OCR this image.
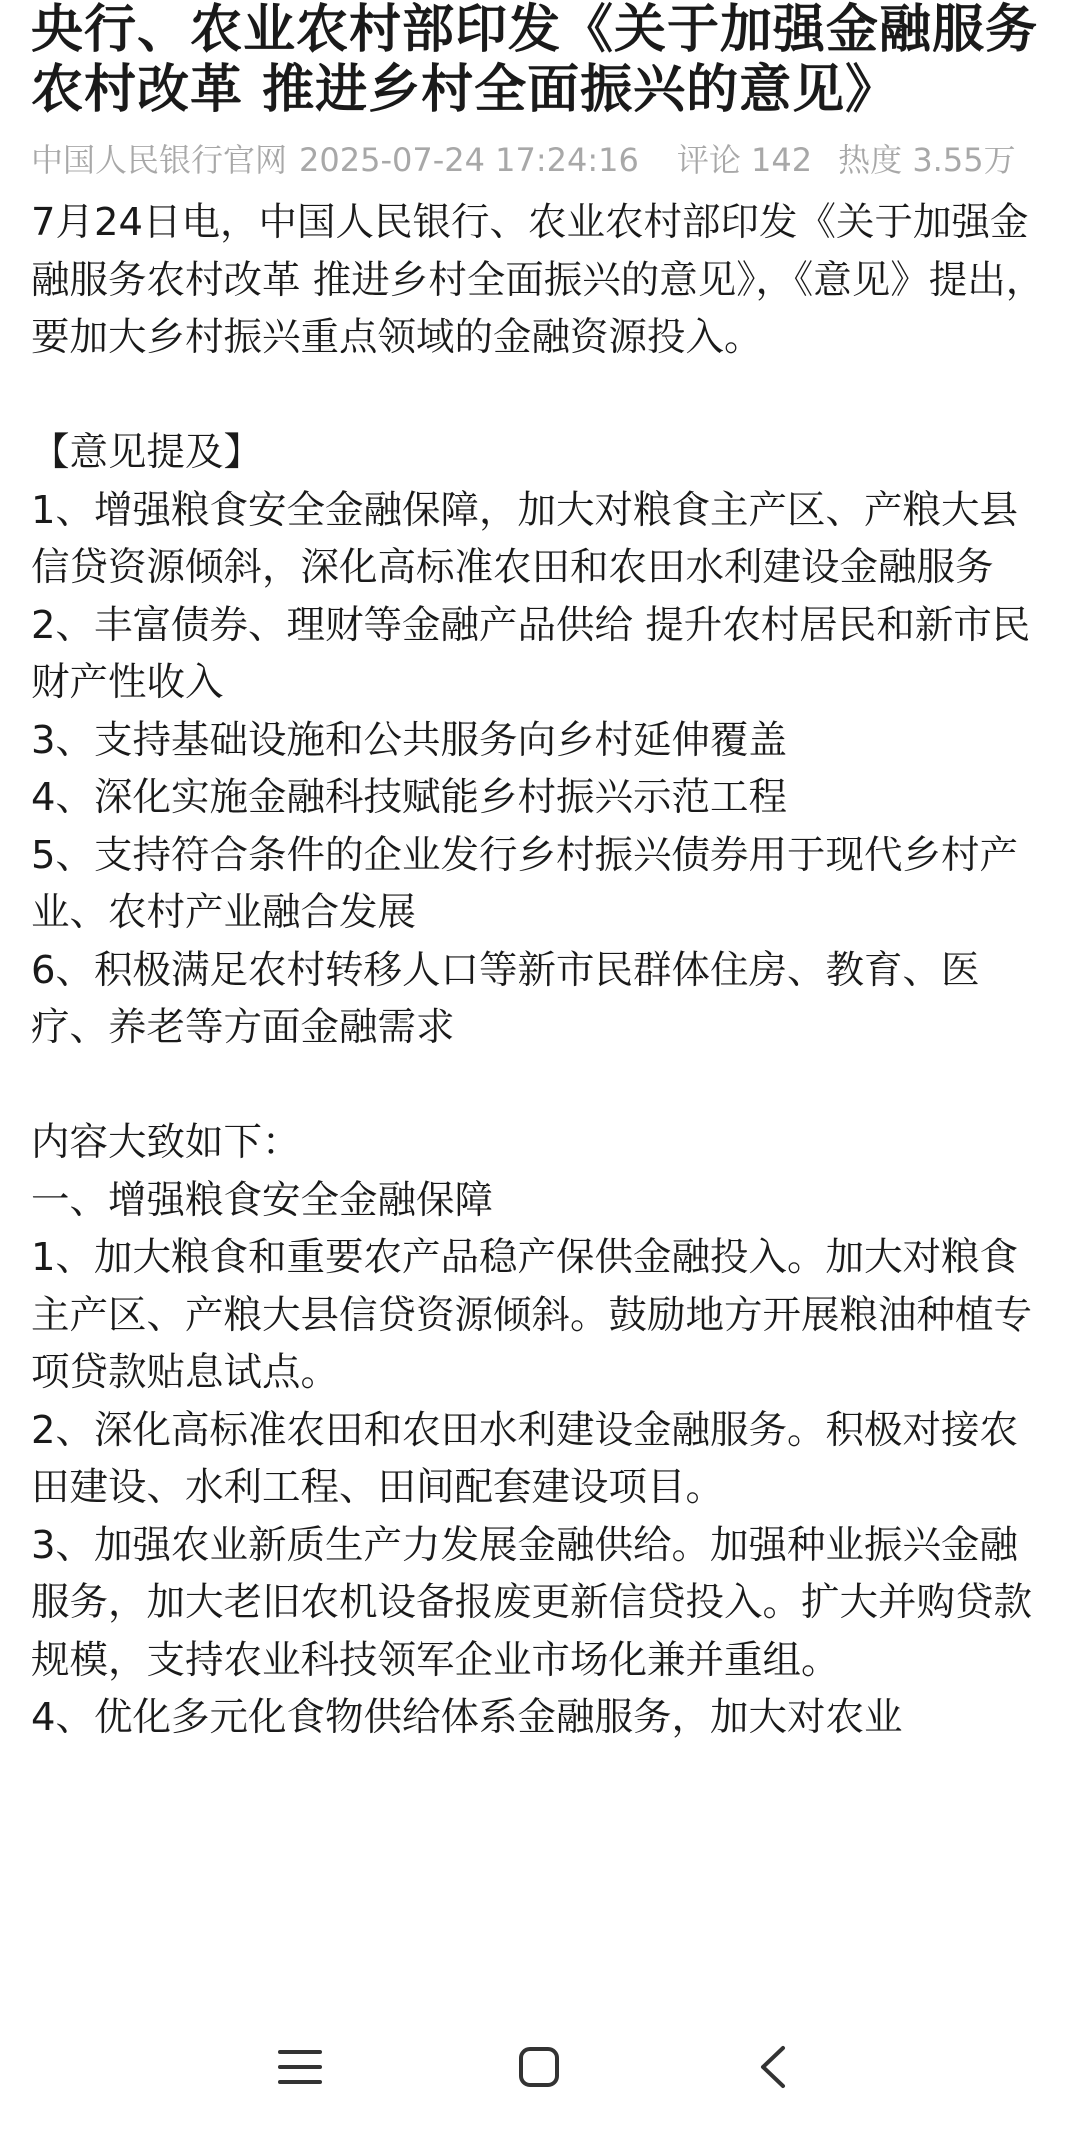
央行、农业农村部印发《关于加强金融服务农村改革 推进乡村全面振兴的意见》
中国人民银行官网 2025-07-24 17:24:16 评论 142 热度 3.55万

7月24日电，中国人民银行、农业农村部印发《关于加强金融服务农村改革 推进乡村全面振兴的意见》，《意见》提出，要加大乡村振兴重点领域的金融资源投入。

【意见提及】

1、增强粮食安全金融保障，加大对粮食主产区、产粮大县信贷资源倾斜，深化高标准农田和农田水利建设金融服务

2、丰富债券、理财等金融产品供给 提升农村居民和新市民财产性收入

3、支持基础设施和公共服务向乡村延伸覆盖

4、深化实施金融科技赋能乡村振兴示范工程

5、支持符合条件的企业发行乡村振兴债券用于现代乡村产业、农村产业融合发展

6、积极满足农村转移人口等新市民群体住房、教育、医疗、养老等方面金融需求

内容大致如下：

一、增强粮食安全金融保障

1、加大粮食和重要农产品稳产保供金融投入。加大对粮食主产区、产粮大县信贷资源倾斜。鼓励地方开展粮油种植专项贷款贴息试点。

2、深化高标准农田和农田水利建设金融服务。积极对接农田建设、水利工程、田间配套建设项目。

3、加强农业新质生产力发展金融供给。加强种业振兴金融服务，加大老旧农机设备报废更新信贷投入。扩大并购贷款规模，支持农业科技领军企业市场化兼并重组。

4、优化多元化食物供给体系金融服务，加大对农业
